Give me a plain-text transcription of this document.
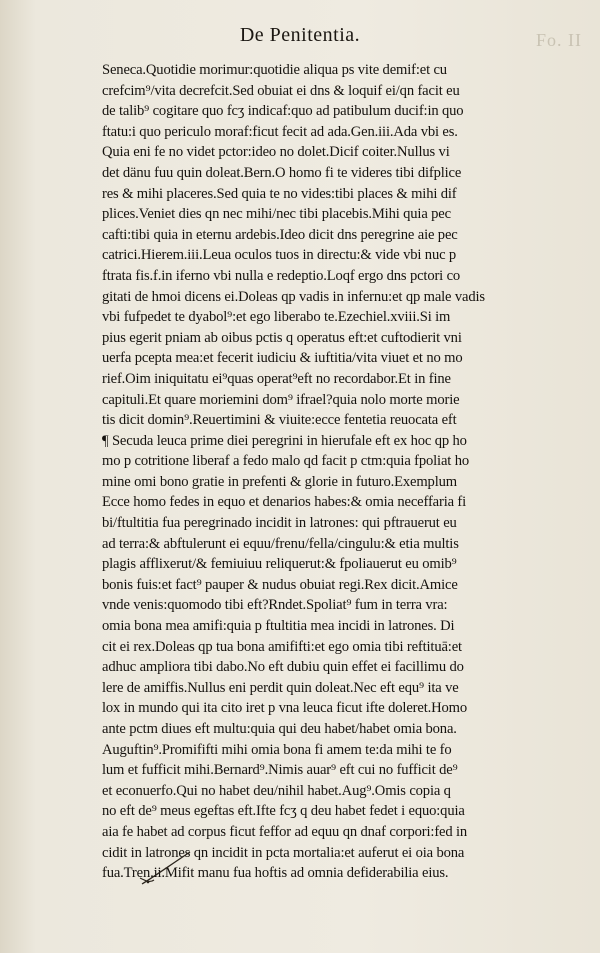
Fo. II
De Penitentia.
Seneca.Quotidie morimur:quotidie aliqua ps vite demif:et cu
crefcim⁹/vita decrefcit.Sed obuiat ei dns & loquif ei/qn facit eu
de talib⁹ cogitare quo fcʒ indicaf:quo ad patibulum ducif:in quo
ftatu:i quo periculo moraf:ficut fecit ad ada.Gen.iii.Ada vbi es.
Quia eni fe no videt pctor:ideo no dolet.Dicif coiter.Nullus vi
det dänu fuu quin doleat.Bern.O homo fi te videres tibi difplice
res & mihi placeres.Sed quia te no vides:tibi places & mihi dif
plices.Veniet dies qn nec mihi/nec tibi placebis.Mihi quia pec
cafti:tibi quia in eternu ardebis.Ideo dicit dns peregrine aie pec
catrici.Hierem.iii.Leua oculos tuos in directu:& vide vbi nuc p
ftrata fis.f.in iferno vbi nulla e redeptio.Loqf ergo dns pctori co
gitati de hmoi dicens ei.Doleas qp vadis in infernu:et qp male vadis
vbi fufpedet te dyabol⁹:et ego liberabo te.Ezechiel.xviii.Si im
pius egerit pniam ab oibus pctis q operatus eft:et cuftodierit vni
uerfa pcepta mea:et fecerit iudiciu & iuftitia/vita viuet et no mo
rief.Oim iniquitatu ei⁹quas operat⁹eft no recordabor.Et in fine
capituli.Et quare moriemini dom⁹ ifrael?quia nolo morte morie
tis dicit domin⁹.Reuertimini & viuite:ecce fentetia reuocata eft
¶ Secuda leuca prime diei peregrini in hierufale eft ex hoc qp ho
mo p cotritione liberaf a fedo malo qd facit p ctm:quia fpoliat ho
mine omi bono gratie in prefenti & glorie in futuro.Exemplum
Ecce homo fedes in equo et denarios habes:& omia neceffaria fi
bi/ftultitia fua peregrinado incidit in latrones: qui pftrauerut eu
ad terra:& abftulerunt ei equu/frenu/fella/cingulu:& etia multis
plagis afflixerut/& femiuiuu reliquerut:& fpoliauerut eu omib⁹
bonis fuis:et fact⁹ pauper & nudus obuiat regi.Rex dicit.Amice
vnde venis:quomodo tibi eft?Rndet.Spoliat⁹ fum in terra vra:
omia bona mea amifi:quia p ftultitia mea incidi in latrones. Di
cit ei rex.Doleas qp tua bona amififti:et ego omia tibi reftituā:et
adhuc ampliora tibi dabo.No eft dubiu quin effet ei facillimu do
lere de amiffis.Nullus eni perdit quin doleat.Nec eft equ⁹ ita ve
lox in mundo qui ita cito iret p vna leuca ficut ifte doleret.Homo
ante pctm diues eft multu:quia qui deu habet/habet omia bona.
Auguftin⁹.Promififti mihi omia bona fi amem te:da mihi te fo
lum et fufficit mihi.Bernard⁹.Nimis auar⁹ eft cui no fufficit de⁹
et econuerfo.Qui no habet deu/nihil habet.Aug⁹.Omis copia q
no eft de⁹ meus egeftas eft.Ifte fcʒ q deu habet fedet i equo:quia
aia fe habet ad corpus ficut feffor ad equu qn dnaf corpori:fed in
cidit in latrones qn incidit in pcta mortalia:et auferut ei oia bona
fua.Tren.ii.Mifit manu fua hoftis ad omnia defiderabilia eius.
